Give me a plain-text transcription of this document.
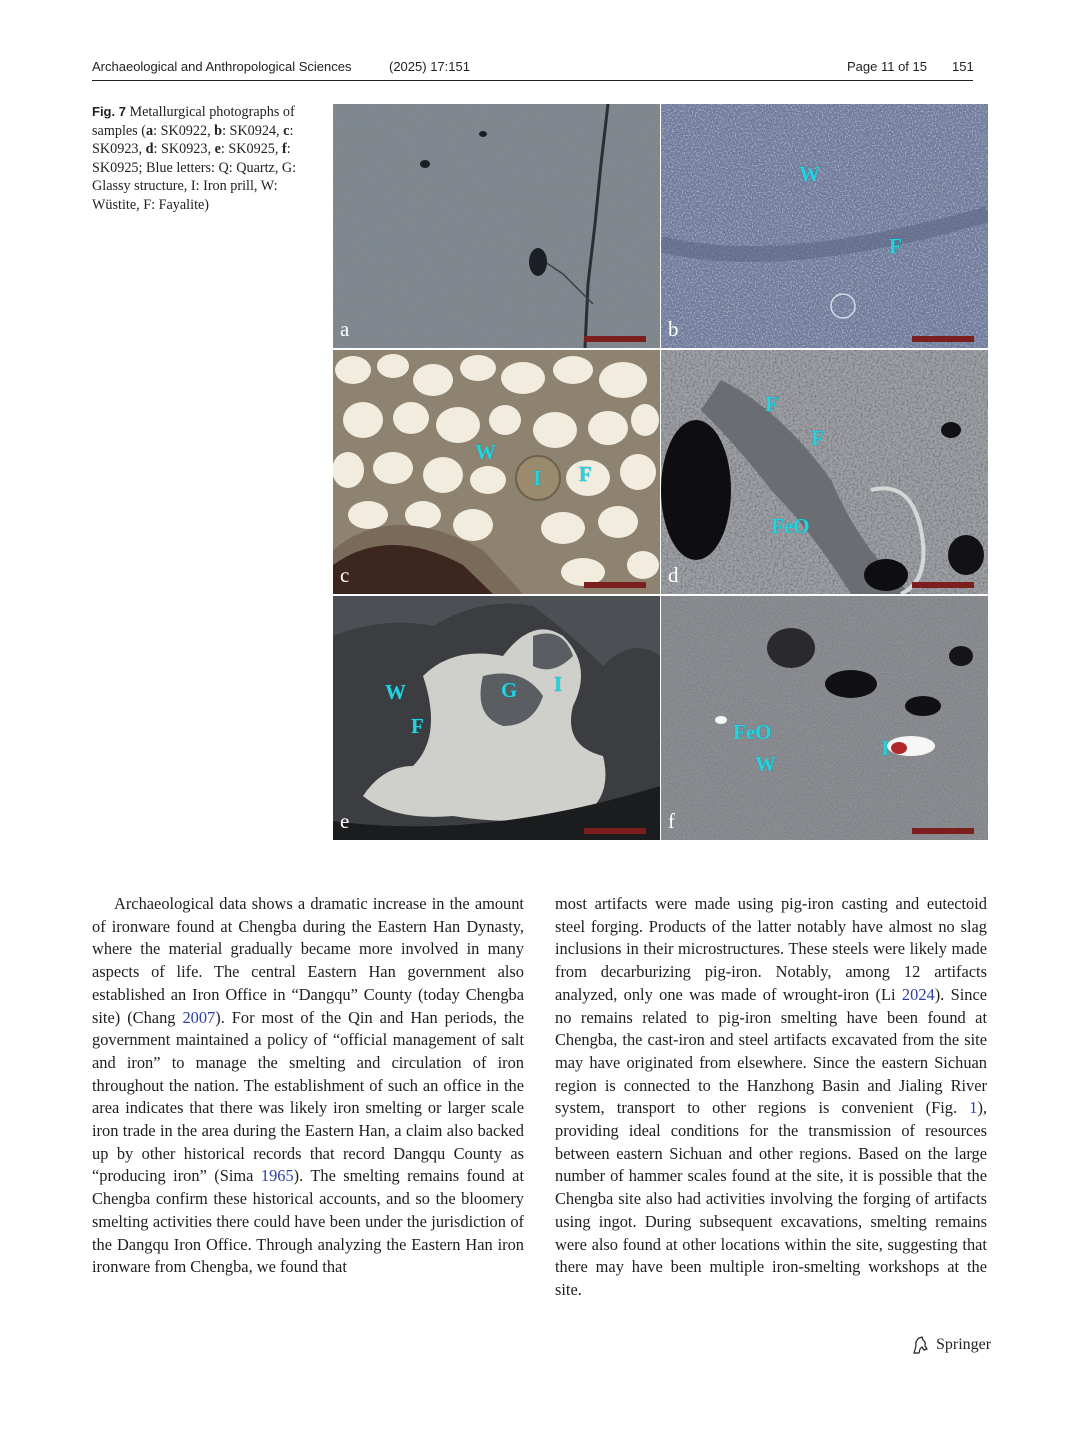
Archaeological and Anthropological Sciences	(2025) 17:151	Page 11 of 15 151
Fig. 7 Metallurgical photographs of samples (a: SK0922, b: SK0924, c: SK0923, d: SK0923, e: SK0925, f: SK0925; Blue letters: Q: Quartz, G: Glassy structure, I: Iron prill, W: Wüstite, F: Fayalite)
a
W
F
b
W
I F
c
F
F
FeO
d
W
F
G I
e
FeO
W
I
f

Archaeological data shows a dramatic increase in the amount of ironware found at Chengba during the Eastern Han Dynasty, where the material gradually became more involved in many aspects of life. The central Eastern Han government also established an Iron Office in “Dangqu” County (today Chengba site) (Chang 2007). For most of the Qin and Han periods, the government maintained a policy of “official management of salt and iron” to manage the smelting and circulation of iron throughout the nation. The establishment of such an office in the area indicates that there was likely iron smelting or larger scale iron trade in the area during the Eastern Han, a claim also backed up by other historical records that record Dangqu County as “producing iron” (Sima 1965). The smelting remains found at Chengba confirm these historical accounts, and so the bloomery smelting activities there could have been under the jurisdiction of the Dangqu Iron Office. Through analyzing the Eastern Han iron ironware from Chengba, we found that

most artifacts were made using pig-iron casting and eutectoid steel forging. Products of the latter notably have almost no slag inclusions in their microstructures. These steels were likely made from decarburizing pig-iron. Notably, among 12 artifacts analyzed, only one was made of wrought-iron (Li 2024). Since no remains related to pig-iron smelting have been found at Chengba, the cast-iron and steel artifacts excavated from the site may have originated from elsewhere. Since the eastern Sichuan region is connected to the Hanzhong Basin and Jialing River system, transport to other regions is convenient (Fig. 1), providing ideal conditions for the transmission of resources between eastern Sichuan and other regions. Based on the large number of hammer scales found at the site, it is possible that the Chengba site also had activities involving the forging of artifacts using ingot. During subsequent excavations, smelting remains were also found at other locations within the site, suggesting that there may have been multiple iron-smelting workshops at the site.

Springer
